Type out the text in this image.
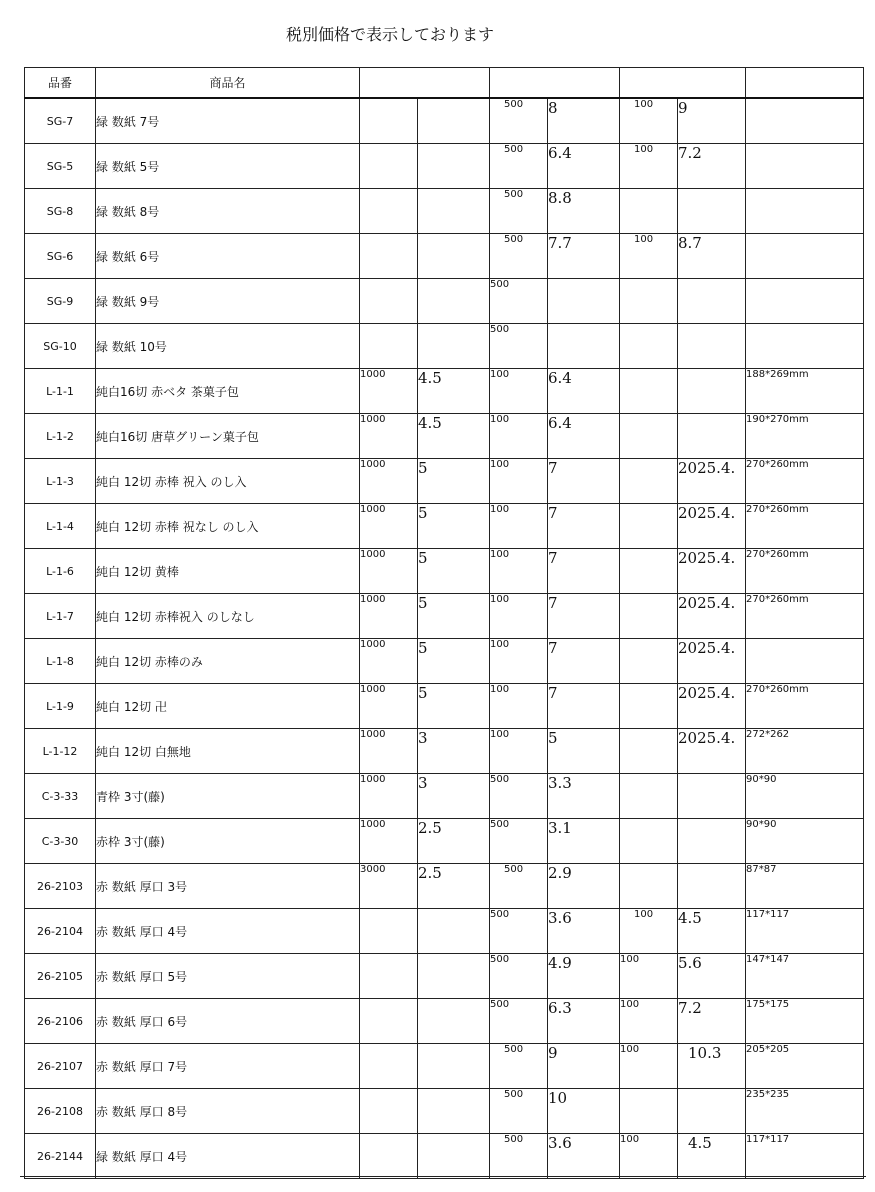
税別価格で表示しております
品番	商品名							
SG-7	緑 数紙 7号			500	8	100	9	
SG-5	緑 数紙 5号			500	6.4	100	7.2	
SG-8	緑 数紙 8号			500	8.8			
SG-6	緑 数紙 6号			500	7.7	100	8.7	
SG-9	緑 数紙 9号			500				
SG-10	緑 数紙 10号			500				
L-1-1	純白16切 赤ベタ 茶菓子包	1000	4.5	100	6.4			188*269mm
L-1-2	純白16切 唐草グリーン菓子包	1000	4.5	100	6.4			190*270mm
L-1-3	純白 12切 赤棒 祝入 のし入	1000	5	100	7		2025.4.	270*260mm
L-1-4	純白 12切 赤棒 祝なし のし入	1000	5	100	7		2025.4.	270*260mm
L-1-6	純白 12切 黄棒	1000	5	100	7		2025.4.	270*260mm
L-1-7	純白 12切 赤棒祝入 のしなし	1000	5	100	7		2025.4.	270*260mm
L-1-8	純白 12切 赤棒のみ	1000	5	100	7		2025.4.	
L-1-9	純白 12切 卍	1000	5	100	7		2025.4.	270*260mm
L-1-12	純白 12切 白無地	1000	3	100	5		2025.4.	272*262
C-3-33	青枠 3寸(藤)	1000	3	500	3.3			90*90
C-3-30	赤枠 3寸(藤)	1000	2.5	500	3.1			90*90
26-2103	赤 数紙 厚口 3号	3000	2.5	500	2.9			87*87
26-2104	赤 数紙 厚口 4号			500	3.6	100	4.5	117*117
26-2105	赤 数紙 厚口 5号			500	4.9	100	5.6	147*147
26-2106	赤 数紙 厚口 6号			500	6.3	100	7.2	175*175
26-2107	赤 数紙 厚口 7号			500	9	100	10.3	205*205
26-2108	赤 数紙 厚口 8号			500	10			235*235
26-2144	緑 数紙 厚口 4号			500	3.6	100	4.5	117*117
